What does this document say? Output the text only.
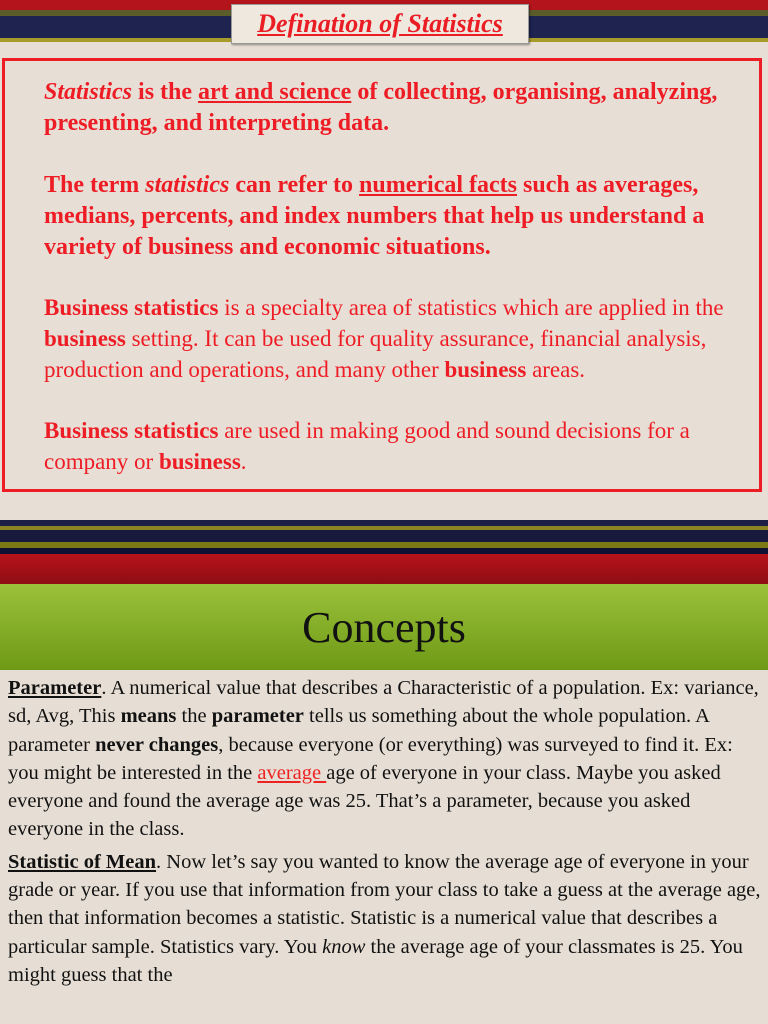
Defination of Statistics

Statistics is the art and science of collecting, organising, analyzing, presenting, and interpreting data.

The term statistics can refer to numerical facts such as averages, medians, percents, and index numbers that help us understand a variety of business and economic situations.

Business statistics is a specialty area of statistics which are applied in the business setting. It can be used for quality assurance, financial analysis, production and operations, and many other business areas.

Business statistics are used in making good and sound decisions for a company or business.

Concepts

Parameter. A numerical value that describes a Characteristic of a population. Ex: variance, sd, Avg, This means the parameter tells us something about the whole population. A parameter never changes, because everyone (or everything) was surveyed to find it. Ex: you might be interested in the average age of everyone in your class. Maybe you asked everyone and found the average age was 25. That’s a parameter, because you asked everyone in the class.

Statistic of Mean. Now let’s say you wanted to know the average age of everyone in your grade or year. If you use that information from your class to take a guess at the average age, then that information becomes a statistic. Statistic is a numerical value that describes a particular sample. Statistics vary. You know the average age of your classmates is 25. You might guess that the
